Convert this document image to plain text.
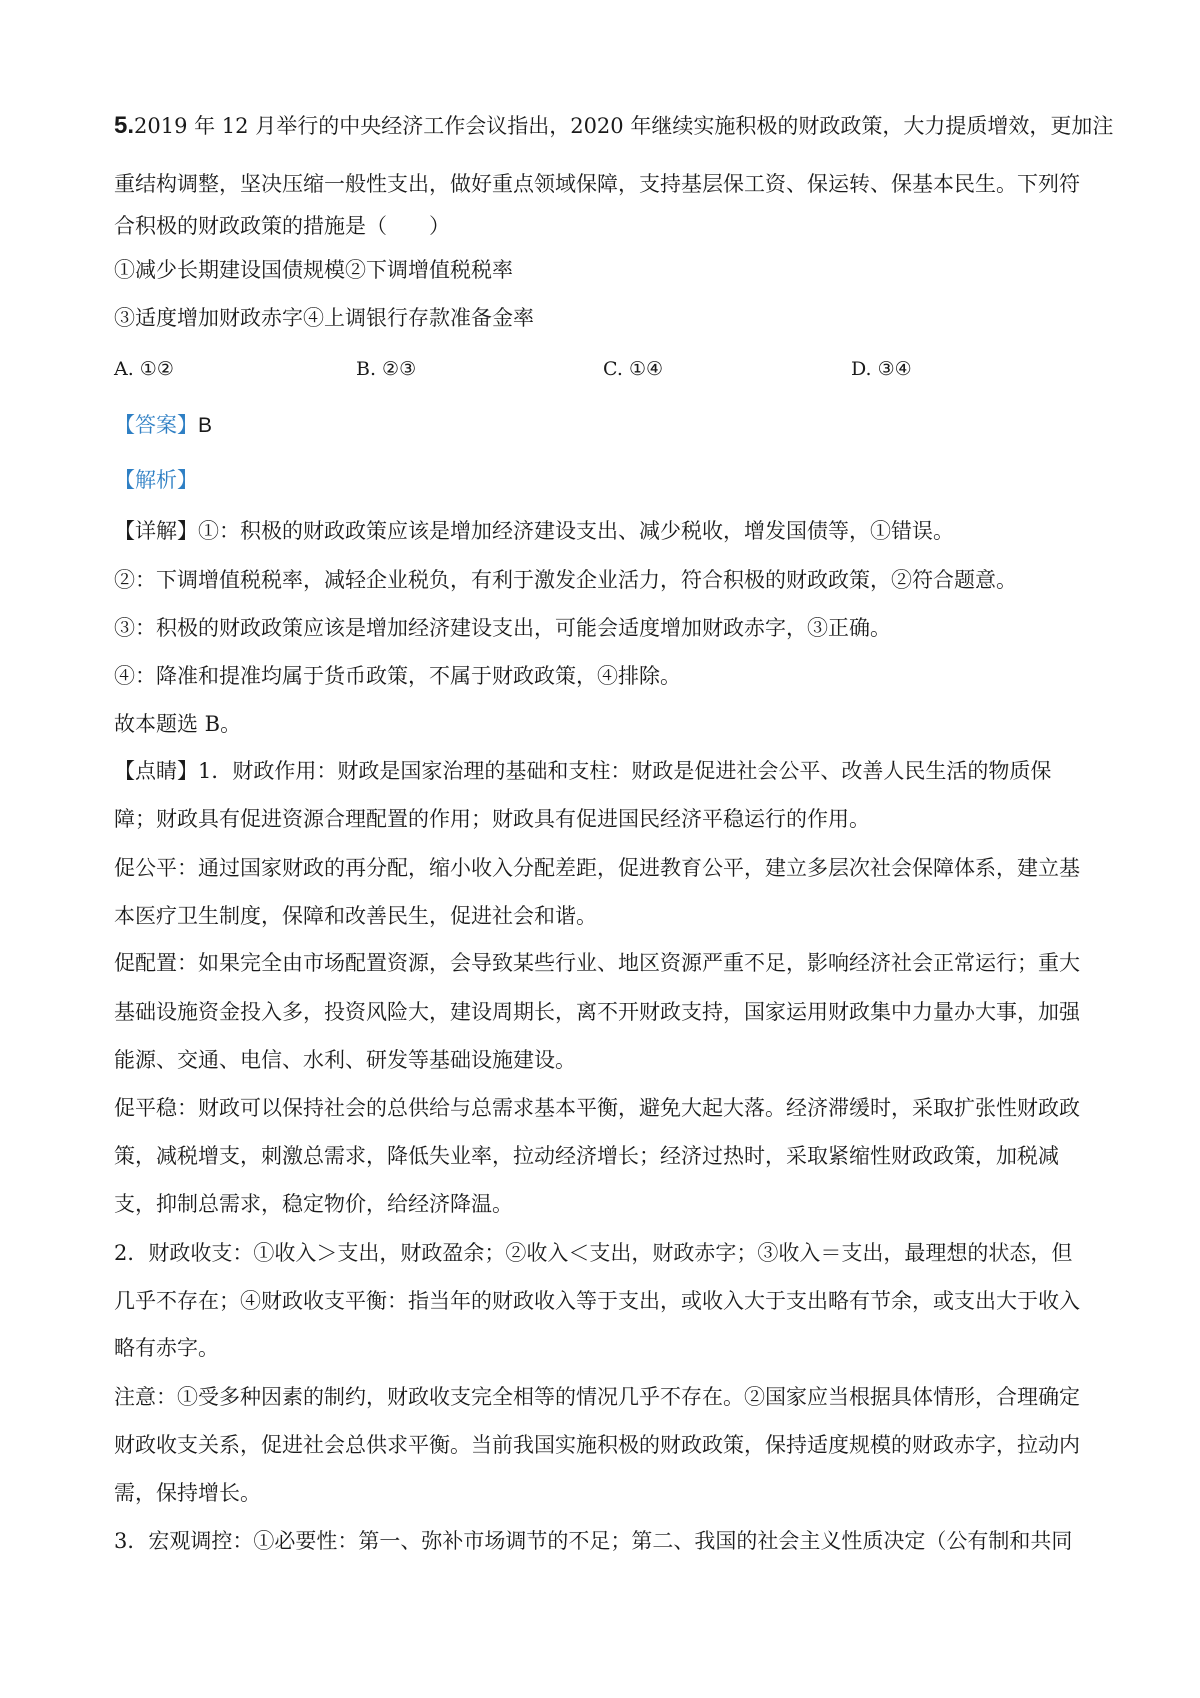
5.2019 年 12 月举行的中央经济工作会议指出，2020 年继续实施积极的财政政策，大力提质增效，更加注
重结构调整，坚决压缩一般性支出，做好重点领域保障，支持基层保工资、保运转、保基本民生。下列符
合积极的财政政策的措施是（　　）
①减少长期建设国债规模②下调增值税税率
③适度增加财政赤字④上调银行存款准备金率
A. ①②	B. ②③	C. ①④	D. ③④
【答案】B
【解析】
【详解】①：积极的财政政策应该是增加经济建设支出、减少税收，增发国债等，①错误。
②：下调增值税税率，减轻企业税负，有利于激发企业活力，符合积极的财政政策，②符合题意。
③：积极的财政政策应该是增加经济建设支出，可能会适度增加财政赤字，③正确。
④：降准和提准均属于货币政策，不属于财政政策，④排除。
故本题选 B。
【点睛】1．财政作用：财政是国家治理的基础和支柱：财政是促进社会公平、改善人民生活的物质保
障；财政具有促进资源合理配置的作用；财政具有促进国民经济平稳运行的作用。
促公平：通过国家财政的再分配，缩小收入分配差距，促进教育公平，建立多层次社会保障体系，建立基
本医疗卫生制度，保障和改善民生，促进社会和谐。
促配置：如果完全由市场配置资源，会导致某些行业、地区资源严重不足，影响经济社会正常运行；重大
基础设施资金投入多，投资风险大，建设周期长，离不开财政支持，国家运用财政集中力量办大事，加强
能源、交通、电信、水利、研发等基础设施建设。
促平稳：财政可以保持社会的总供给与总需求基本平衡，避免大起大落。经济滞缓时，采取扩张性财政政
策，减税增支，刺激总需求，降低失业率，拉动经济增长；经济过热时，采取紧缩性财政政策，加税减
支，抑制总需求，稳定物价，给经济降温。
2．财政收支：①收入＞支出，财政盈余；②收入＜支出，财政赤字；③收入＝支出，最理想的状态，但
几乎不存在；④财政收支平衡：指当年的财政收入等于支出，或收入大于支出略有节余，或支出大于收入
略有赤字。
注意：①受多种因素的制约，财政收支完全相等的情况几乎不存在。②国家应当根据具体情形，合理确定
财政收支关系，促进社会总供求平衡。当前我国实施积极的财政政策，保持适度规模的财政赤字，拉动内
需，保持增长。
3．宏观调控：①必要性：第一、弥补市场调节的不足；第二、我国的社会主义性质决定（公有制和共同
